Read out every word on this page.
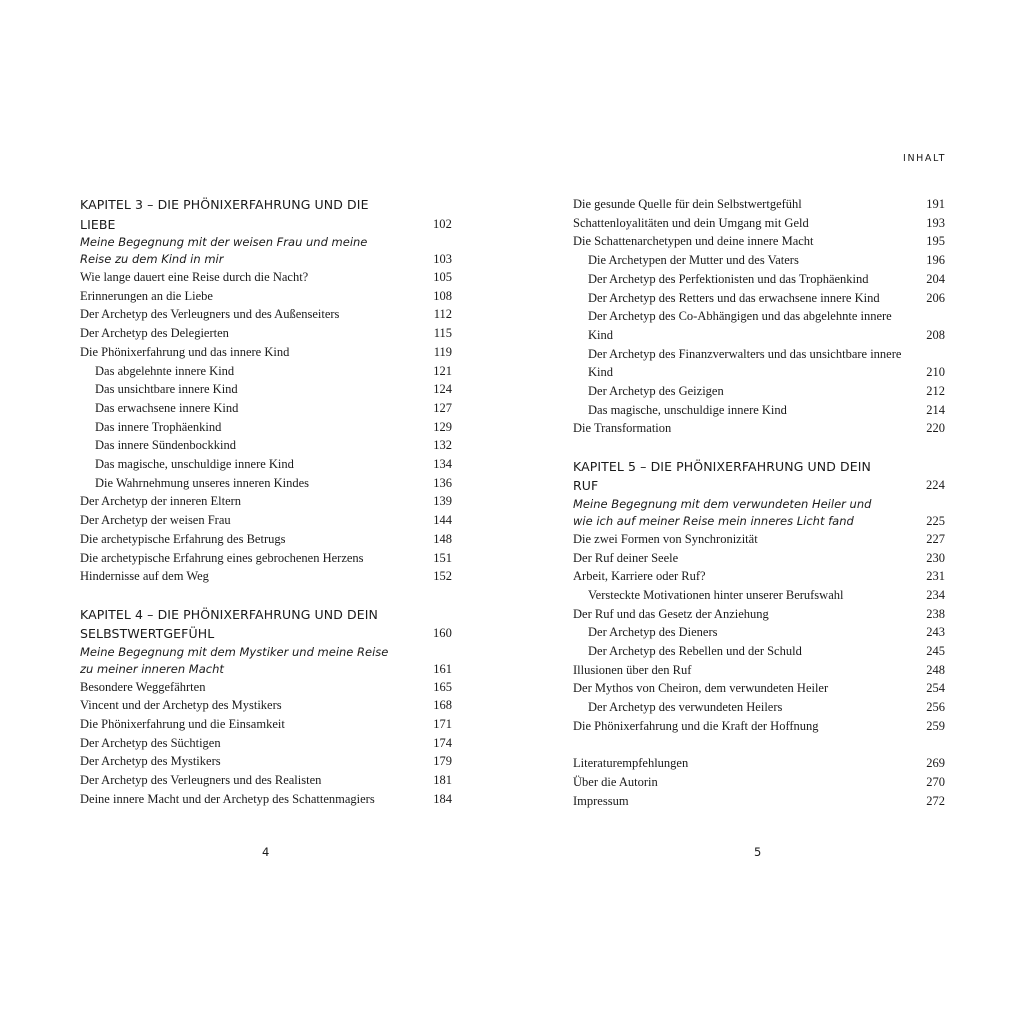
INHALT
KAPITEL 3 – DIE PHÖNIXERFAHRUNG UND DIE LIEBE	102
Meine Begegnung mit der weisen Frau und meine Reise zu dem Kind in mir	103
Wie lange dauert eine Reise durch die Nacht?	105
Erinnerungen an die Liebe	108
Der Archetyp des Verleugners und des Außenseiters	112
Der Archetyp des Delegierten	115
Die Phönixerfahrung und das innere Kind	119
Das abgelehnte innere Kind	121
Das unsichtbare innere Kind	124
Das erwachsene innere Kind	127
Das innere Trophäenkind	129
Das innere Sündenbockkind	132
Das magische, unschuldige innere Kind	134
Die Wahrnehmung unseres inneren Kindes	136
Der Archetyp der inneren Eltern	139
Der Archetyp der weisen Frau	144
Die archetypische Erfahrung des Betrugs	148
Die archetypische Erfahrung eines gebrochenen Herzens	151
Hindernisse auf dem Weg	152
KAPITEL 4 – DIE PHÖNIXERFAHRUNG UND DEIN SELBSTWERTGEFÜHL	160
Meine Begegnung mit dem Mystiker und meine Reise zu meiner inneren Macht	161
Besondere Weggefährten	165
Vincent und der Archetyp des Mystikers	168
Die Phönixerfahrung und die Einsamkeit	171
Der Archetyp des Süchtigen	174
Der Archetyp des Mystikers	179
Der Archetyp des Verleugners und des Realisten	181
Deine innere Macht und der Archetyp des Schattenmagiers	184
Die gesunde Quelle für dein Selbstwertgefühl	191
Schattenloyalitäten und dein Umgang mit Geld	193
Die Schattenarchetypen und deine innere Macht	195
Die Archetypen der Mutter und des Vaters	196
Der Archetyp des Perfektionisten und das Trophäenkind	204
Der Archetyp des Retters und das erwachsene innere Kind	206
Der Archetyp des Co-Abhängigen und das abgelehnte innere Kind	208
Der Archetyp des Finanzverwalters und das unsichtbare innere Kind	210
Der Archetyp des Geizigen	212
Das magische, unschuldige innere Kind	214
Die Transformation	220
KAPITEL 5 – DIE PHÖNIXERFAHRUNG UND DEIN RUF	224
Meine Begegnung mit dem verwundeten Heiler und wie ich auf meiner Reise mein inneres Licht fand	225
Die zwei Formen von Synchronizität	227
Der Ruf deiner Seele	230
Arbeit, Karriere oder Ruf?	231
Versteckte Motivationen hinter unserer Berufswahl	234
Der Ruf und das Gesetz der Anziehung	238
Der Archetyp des Dieners	243
Der Archetyp des Rebellen und der Schuld	245
Illusionen über den Ruf	248
Der Mythos von Cheiron, dem verwundeten Heiler	254
Der Archetyp des verwundeten Heilers	256
Die Phönixerfahrung und die Kraft der Hoffnung	259
Literaturempfehlungen	269
Über die Autorin	270
Impressum	272
4	5
